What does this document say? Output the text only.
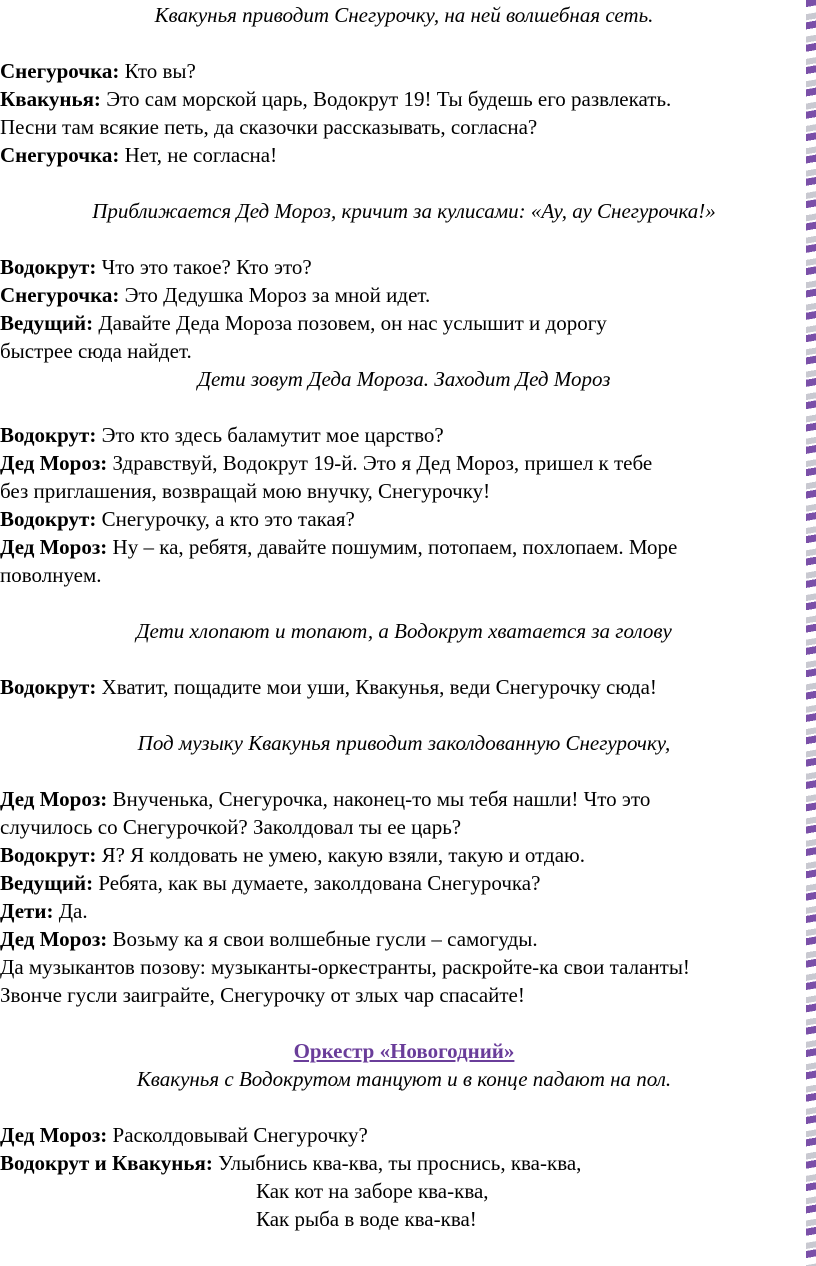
Квакунья приводит Снегурочку, на ней волшебная сеть.
Снегурочка: Кто вы?
Квакунья: Это сам морской царь, Водокрут 19! Ты будешь его развлекать.
Песни там всякие петь, да сказочки рассказывать, согласна?
Снегурочка: Нет, не согласна!
Приближается Дед Мороз, кричит за кулисами: «Ау, ау Снегурочка!»
Водокрут: Что это такое? Кто это?
Снегурочка: Это Дедушка Мороз за мной идет.
Ведущий: Давайте Деда Мороза позовем, он нас услышит и дорогу
быстрее сюда найдет.
Дети зовут Деда Мороза. Заходит Дед Мороз
Водокрут: Это кто здесь баламутит мое царство?
Дед Мороз: Здравствуй, Водокрут 19-й. Это я Дед Мороз, пришел к тебе
без приглашения, возвращай мою внучку, Снегурочку!
Водокрут: Снегурочку, а кто это такая?
Дед Мороз: Ну – ка, ребятя, давайте пошумим, потопаем, похлопаем. Море
поволнуем.
Дети хлопают и топают, а Водокрут хватается за голову
Водокрут: Хватит, пощадите мои уши, Квакунья, веди Снегурочку сюда!
Под музыку Квакунья приводит заколдованную Снегурочку,
Дед Мороз: Внученька, Снегурочка, наконец-то мы тебя нашли! Что это
случилось со Снегурочкой? Заколдовал ты ее царь?
Водокрут: Я? Я колдовать не умею, какую взяли, такую и отдаю.
Ведущий: Ребята, как вы думаете, заколдована Снегурочка?
Дети: Да.
Дед Мороз: Возьму ка я свои волшебные гусли – самогуды.
Да музыкантов позову: музыканты-оркестранты, раскройте-ка свои таланты!
Звонче гусли заиграйте, Снегурочку от злых чар спасайте!
Оркестр «Новогодний»
Квакунья с Водокрутом танцуют и в конце падают на пол.
Дед Мороз: Расколдовывай Снегурочку?
Водокрут и Квакунья: Улыбнись ква-ква, ты проснись, ква-ква,
Как кот на заборе ква-ква,
Как рыба в воде ква-ква!
